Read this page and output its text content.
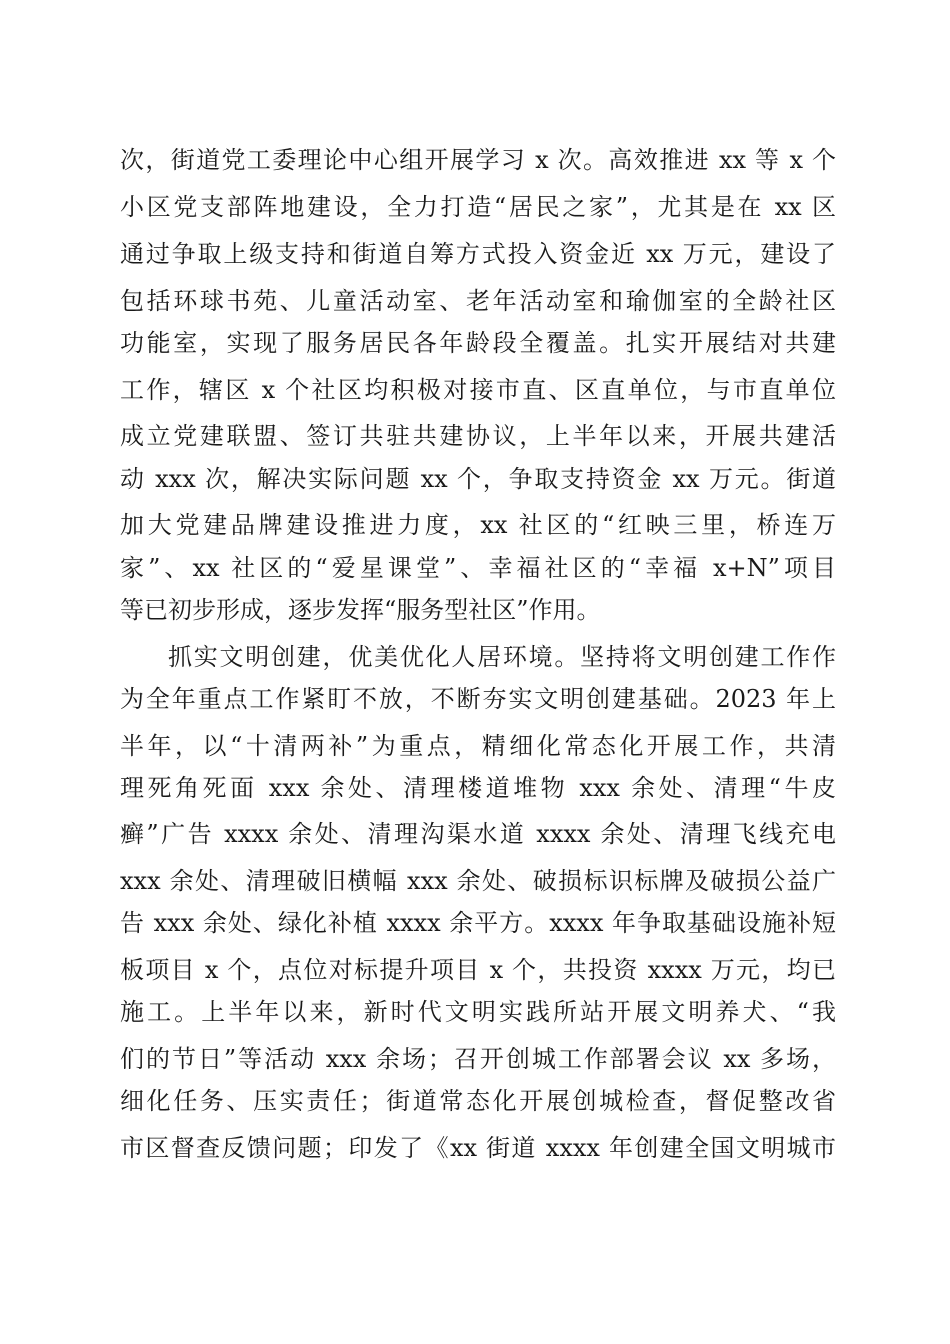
次，街道党工委理论中心组开展学习 x 次。高效推进 xx 等 x 个
小区党支部阵地建设，全力打造“居民之家”，尤其是在 xx 区
通过争取上级支持和街道自筹方式投入资金近 xx 万元，建设了
包括环球书苑、儿童活动室、老年活动室和瑜伽室的全龄社区
功能室，实现了服务居民各年龄段全覆盖。扎实开展结对共建
工作，辖区 x 个社区均积极对接市直、区直单位，与市直单位
成立党建联盟、签订共驻共建协议，上半年以来，开展共建活
动 xxx 次，解决实际问题 xx 个，争取支持资金 xx 万元。街道
加大党建品牌建设推进力度，xx 社区的“红映三里，桥连万
家”、xx 社区的“爱星课堂”、幸福社区的“幸福 x+N”项目
等已初步形成，逐步发挥“服务型社区”作用。
抓实文明创建，优美优化人居环境。坚持将文明创建工作作
为全年重点工作紧盯不放，不断夯实文明创建基础。2023 年上
半年，以“十清两补”为重点，精细化常态化开展工作，共清
理死角死面 xxx 余处、清理楼道堆物 xxx 余处、清理“牛皮
癣”广告 xxxx 余处、清理沟渠水道 xxxx 余处、清理飞线充电
xxx 余处、清理破旧横幅 xxx 余处、破损标识标牌及破损公益广
告 xxx 余处、绿化补植 xxxx 余平方。xxxx 年争取基础设施补短
板项目 x 个，点位对标提升项目 x 个，共投资 xxxx 万元，均已
施工。上半年以来，新时代文明实践所站开展文明养犬、“我
们的节日”等活动 xxx 余场；召开创城工作部署会议 xx 多场，
细化任务、压实责任；街道常态化开展创城检查，督促整改省
市区督查反馈问题；印发了《xx 街道 xxxx 年创建全国文明城市
